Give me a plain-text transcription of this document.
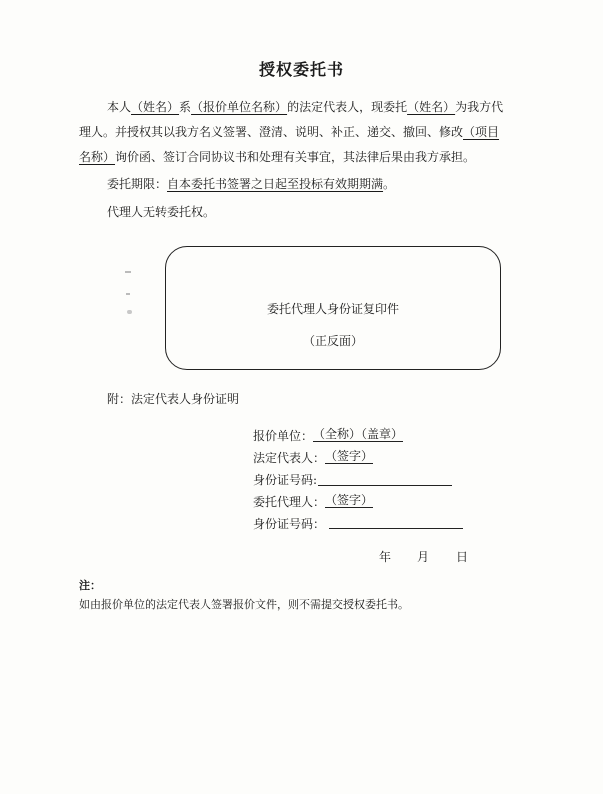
授权委托书
本人（姓名）系（报价单位名称）的法定代表人，现委托（姓名）为我方代
理人。并授权其以我方名义签署、澄清、说明、补正、递交、撤回、修改（项目
名称）询价函、签订合同协议书和处理有关事宜，其法律后果由我方承担。
委托期限：自本委托书签署之日起至投标有效期期满。
代理人无转委托权。
委托代理人身份证复印件
（正反面）
附：法定代表人身份证明
报价单位： （全称）（盖章）
法定代表人： （签字）
身份证号码:
委托代理人： （签字）
身份证号码：
年 月 日
注：
如由报价单位的法定代表人签署报价文件，则不需提交授权委托书。
